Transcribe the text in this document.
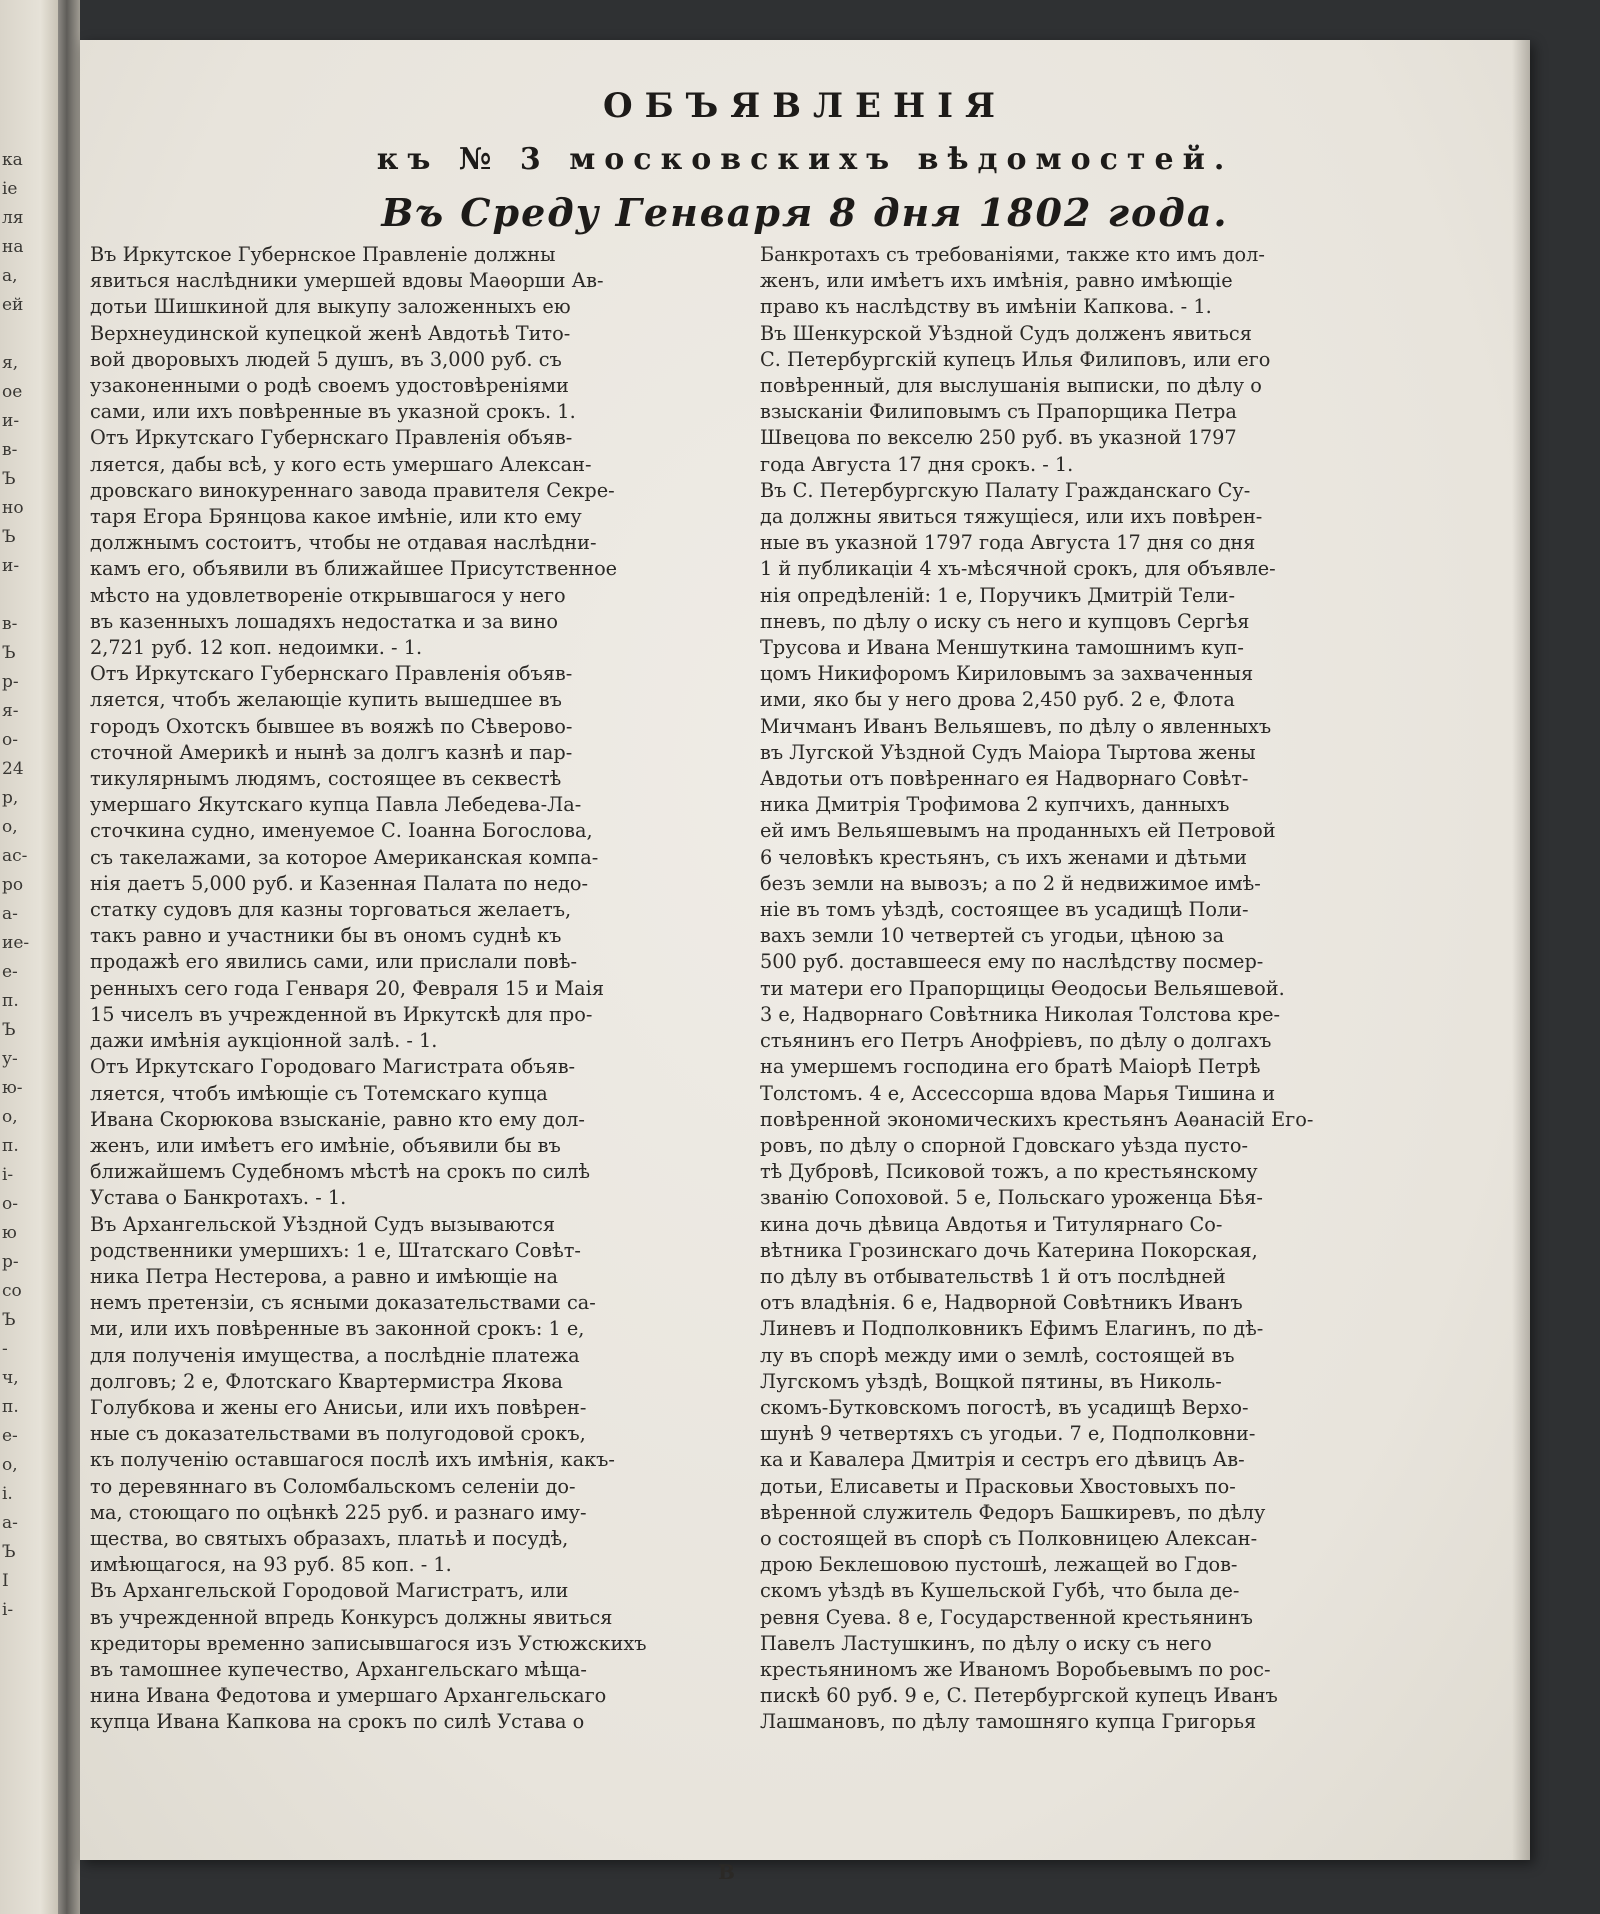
ка
іе
ля
на
а,
ей
я,
ое
и-
в-
Ъ
но
Ъ
и-
в-
Ъ
р-
я-
о-
24
р,
о,
ас-
ро
а-
ие-
е-
п.
Ъ
у-
ю-
о,
п.
і-
о-
ю
р-
со
Ъ
-
ч,
п.
е-
о,
і.
а-
Ъ
I
і-
ОБЪЯВЛЕНІЯ
къ № 3 московскихъ вѣдомостей.
Въ Среду Генваря 8 дня 1802 года.
Въ Иркутское Губернское Правленіе должны
явиться наслѣдники умершей вдовы Маѳорши Ав-
дотьи Шишкиной для выкупу заложенныхъ ею
Верхнеудинской купецкой женѣ Авдотьѣ Тито-
вой дворовыхъ людей 5 душъ, въ 3,000 руб. съ
узаконенными о родѣ своемъ удостовѣреніями
сами, или ихъ повѣренные въ указной срокъ. 1.
Отъ Иркутскаго Губернскаго Правленія объяв-
ляется, дабы всѣ, у кого есть умершаго Алексан-
дровскаго винокуреннаго завода правителя Секре-
таря Егора Брянцова какое имѣніе, или кто ему
должнымъ состоитъ, чтобы не отдавая наслѣдни-
камъ его, объявили въ ближайшее Присутственное
мѣсто на удовлетвореніе открывшагося у него
въ казенныхъ лошадяхъ недостатка и за вино
2,721 руб. 12 коп. недоимки. - 1.
Отъ Иркутскаго Губернскаго Правленія объяв-
ляется, чтобъ желающіе купить вышедшее въ
городъ Охотскъ бывшее въ вояжѣ по Сѣверово-
сточной Америкѣ и нынѣ за долгъ казнѣ и пар-
тикулярнымъ людямъ, состоящее въ секвестѣ
умершаго Якутскаго купца Павла Лебедева-Ла-
сточкина судно, именуемое С. Іоанна Богослова,
съ такелажами, за которое Американская компа-
нія даетъ 5,000 руб. и Казенная Палата по недо-
статку судовъ для казны торговаться желаетъ,
такъ равно и участники бы въ ономъ суднѣ къ
продажѣ его явились сами, или прислали повѣ-
ренныхъ сего года Генваря 20, Февраля 15 и Маія
15 чиселъ въ учрежденной въ Иркутскѣ для про-
дажи имѣнія аукціонной залѣ. - 1.
Отъ Иркутскаго Городоваго Магистрата объяв-
ляется, чтобъ имѣющіе съ Тотемскаго купца
Ивана Скорюкова взысканіе, равно кто ему дол-
женъ, или имѣетъ его имѣніе, объявили бы въ
ближайшемъ Судебномъ мѣстѣ на срокъ по силѣ
Устава о Банкротахъ. - 1.
Въ Архангельской Уѣздной Судъ вызываются
родственники умершихъ: 1 е, Штатскаго Совѣт-
ника Петра Нестерова, а равно и имѣющіе на
немъ претензіи, съ ясными доказательствами са-
ми, или ихъ повѣренные въ законной срокъ: 1 е,
для полученія имущества, а послѣдніе платежа
долговъ; 2 е, Флотскаго Квартермистра Якова
Голубкова и жены его Анисьи, или ихъ повѣрен-
ные съ доказательствами въ полугодовой срокъ,
къ полученію оставшагося послѣ ихъ имѣнія, какъ-
то деревяннаго въ Соломбальскомъ селеніи до-
ма, стоющаго по оцѣнкѣ 225 руб. и разнаго иму-
щества, во святыхъ образахъ, платьѣ и посудѣ,
имѣющагося, на 93 руб. 85 коп. - 1.
Въ Архангельской Городовой Магистратъ, или
въ учрежденной впредь Конкурсъ должны явиться
кредиторы временно записывшагося изъ Устюжскихъ
въ тамошнее купечество, Архангельскаго мѣща-
нина Ивана Федотова и умершаго Архангельскаго
купца Ивана Капкова на срокъ по силѣ Устава о
Банкротахъ съ требованіями, также кто имъ дол-
женъ, или имѣетъ ихъ имѣнія, равно имѣющіе
право къ наслѣдству въ имѣніи Капкова. - 1.
Въ Шенкурской Уѣздной Судъ долженъ явиться
С. Петербургскій купецъ Илья Филиповъ, или его
повѣренный, для выслушанія выписки, по дѣлу о
взысканіи Филиповымъ съ Прапорщика Петра
Швецова по векселю 250 руб. въ указной 1797
года Августа 17 дня срокъ. - 1.
Въ С. Петербургскую Палату Гражданскаго Су-
да должны явиться тяжущіеся, или ихъ повѣрен-
ные въ указной 1797 года Августа 17 дня со дня
1 й публикаціи 4 хъ-мѣсячной срокъ, для объявле-
нія опредѣленій: 1 е, Поручикъ Дмитрій Тели-
пневъ, по дѣлу о иску съ него и купцовъ Сергѣя
Трусова и Ивана Меншуткина тамошнимъ куп-
цомъ Никифоромъ Кириловымъ за захваченныя
ими, яко бы у него дрова 2,450 руб. 2 е, Флота
Мичманъ Иванъ Вельяшевъ, по дѣлу о явленныхъ
въ Лугской Уѣздной Судъ Маіора Тыртова жены
Авдотьи отъ повѣреннаго ея Надворнаго Совѣт-
ника Дмитрія Трофимова 2 купчихъ, данныхъ
ей имъ Вельяшевымъ на проданныхъ ей Петровой
6 человѣкъ крестьянъ, съ ихъ женами и дѣтьми
безъ земли на вывозъ; а по 2 й недвижимое имѣ-
ніе въ томъ уѣздѣ, состоящее въ усадищѣ Поли-
вахъ земли 10 четвертей съ угодьи, цѣною за
500 руб. доставшееся ему по наслѣдству посмер-
ти матери его Прапорщицы Ѳеодосьи Вельяшевой.
3 е, Надворнаго Совѣтника Николая Толстова кре-
стьянинъ его Петръ Анофріевъ, по дѣлу о долгахъ
на умершемъ господина его братѣ Маіорѣ Петрѣ
Толстомъ. 4 е, Ассессорша вдова Марья Тишина и
повѣренной экономическихъ крестьянъ Аѳанасій Его-
ровъ, по дѣлу о спорной Гдовскаго уѣзда пусто-
тѣ Дубровѣ, Псиковой тожъ, а по крестьянскому
званію Сопоховой. 5 е, Польскаго уроженца Бѣя-
кина дочь дѣвица Авдотья и Титулярнаго Со-
вѣтника Грозинскаго дочь Катерина Покорская,
по дѣлу въ отбывательствѣ 1 й отъ послѣдней
отъ владѣнія. 6 е, Надворной Совѣтникъ Иванъ
Линевъ и Подполковникъ Ефимъ Елагинъ, по дѣ-
лу въ спорѣ между ими о землѣ, состоящей въ
Лугскомъ уѣздѣ, Вощкой пятины, въ Николь-
скомъ-Бутковскомъ погостѣ, въ усадищѣ Верхо-
шунѣ 9 четвертяхъ съ угодьи. 7 е, Подполковни-
ка и Кавалера Дмитрія и сестръ его дѣвицъ Ав-
дотьи, Елисаветы и Прасковьи Хвостовыхъ по-
вѣренной служитель Федоръ Башкиревъ, по дѣлу
о состоящей въ спорѣ съ Полковницею Алексан-
дрою Беклешовою пустошѣ, лежащей во Гдов-
скомъ уѣздѣ въ Кушельской Губѣ, что была де-
ревня Суева. 8 е, Государственной крестьянинъ
Павелъ Ластушкинъ, по дѣлу о иску съ него
крестьяниномъ же Иваномъ Воробьевымъ по рос-
пискѣ 60 руб. 9 е, С. Петербургской купецъ Иванъ
Лашмановъ, по дѣлу тамошняго купца Григорья
В
